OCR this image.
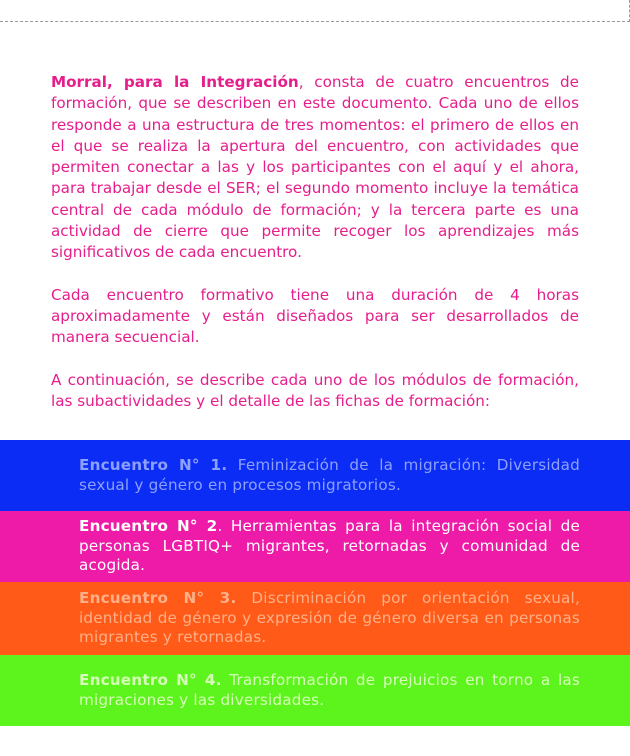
Morral, para la Integración, consta de cuatro encuentros de formación, que se describen en este documento. Cada uno de ellos responde a una estructura de tres momentos: el primero de ellos en el que se realiza la apertura del encuentro, con actividades que permiten conectar a las y los participantes con el aquí y el ahora, para trabajar desde el SER; el segundo momento incluye la temática central de cada módulo de formación; y la tercera parte es una actividad de cierre que permite recoger los aprendizajes más significativos de cada encuentro.

Cada encuentro formativo tiene una duración de 4 horas aproximadamente y están diseñados para ser desarrollados de manera secuencial.

A continuación, se describe cada uno de los módulos de formación, las subactividades y el detalle de las fichas de formación:

Encuentro N° 1. Feminización de la migración: Diversidad sexual y género en procesos migratorios.
Encuentro N° 2. Herramientas para la integración social de personas LGBTIQ+ migrantes, retornadas y comunidad de acogida.
Encuentro N° 3. Discriminación por orientación sexual, identidad de género y expresión de género diversa en personas migrantes y retornadas.
Encuentro N° 4. Transformación de prejuicios en torno a las migraciones y las diversidades.
